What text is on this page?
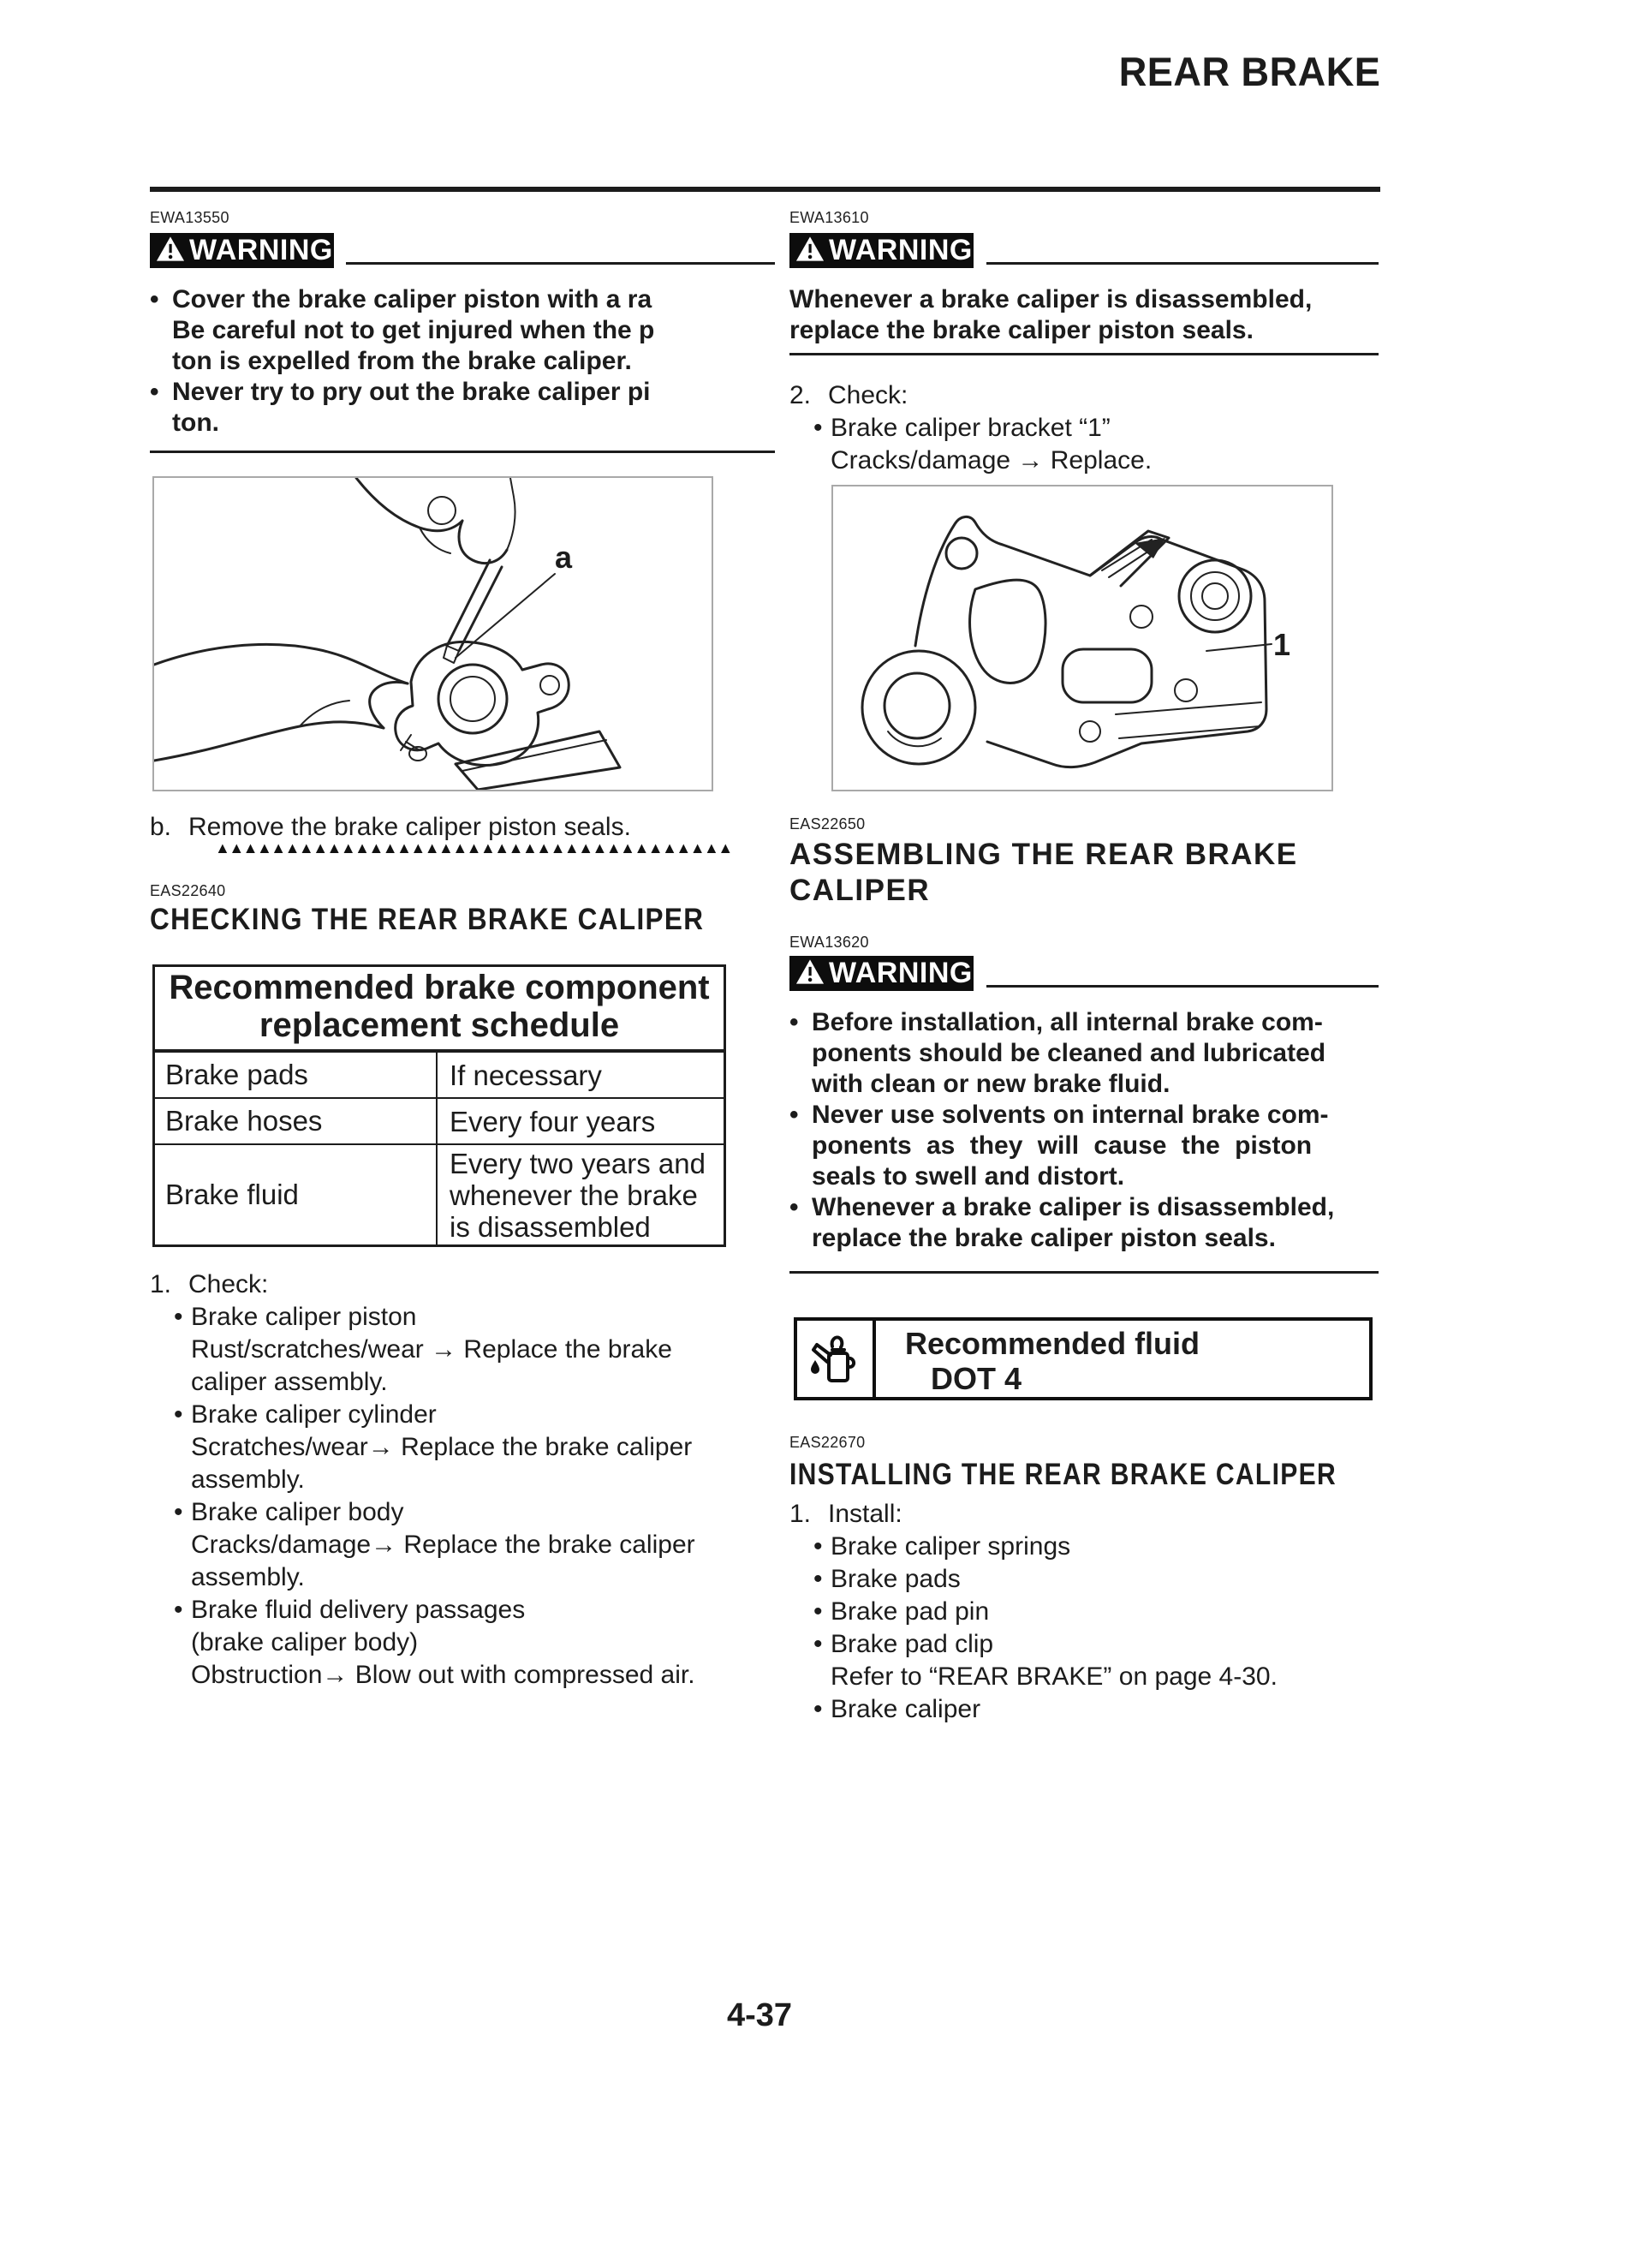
REAR BRAKE
EWA13550
WARNING
• Cover the brake caliper piston with a ra
Be careful not to get injured when the p
ton is expelled from the brake caliper.
• Never try to pry out the brake caliper pi
ton.
a
b. Remove the brake caliper piston seals.
▲▲▲▲▲▲▲▲▲▲▲▲▲▲▲▲▲▲▲▲▲▲▲▲▲▲▲▲▲▲▲▲▲▲▲▲▲
EAS22640
CHECKING THE REAR BRAKE CALIPER
Recommended brake component
replacement schedule
Brake pads	If necessary
Brake hoses	Every four years
Brake fluid
Every two years and
whenever the brake
is disassembled
1. Check:
• Brake caliper piston
Rust/scratches/wear → Replace the brake
caliper assembly.
• Brake caliper cylinder
Scratches/wear→ Replace the brake caliper
assembly.
• Brake caliper body
Cracks/damage→ Replace the brake caliper
assembly.
• Brake fluid delivery passages
(brake caliper body)
Obstruction→ Blow out with compressed air.
EWA13610
WARNING
Whenever a brake caliper is disassembled,
replace the brake caliper piston seals.
2. Check:
• Brake caliper bracket “1”
Cracks/damage → Replace.
1
EAS22650
ASSEMBLING THE REAR BRAKE
CALIPER
EWA13620
WARNING
• Before installation, all internal brake com-
ponents should be cleaned and lubricated
with clean or new brake fluid.
• Never use solvents on internal brake com-
ponents as they will cause the piston
seals to swell and distort.
• Whenever a brake caliper is disassembled,
replace the brake caliper piston seals.
Recommended fluid
DOT 4
EAS22670
INSTALLING THE REAR BRAKE CALIPER
1. Install:
• Brake caliper springs
• Brake pads
• Brake pad pin
• Brake pad clip
Refer to “REAR BRAKE” on page 4-30.
• Brake caliper
4-37
